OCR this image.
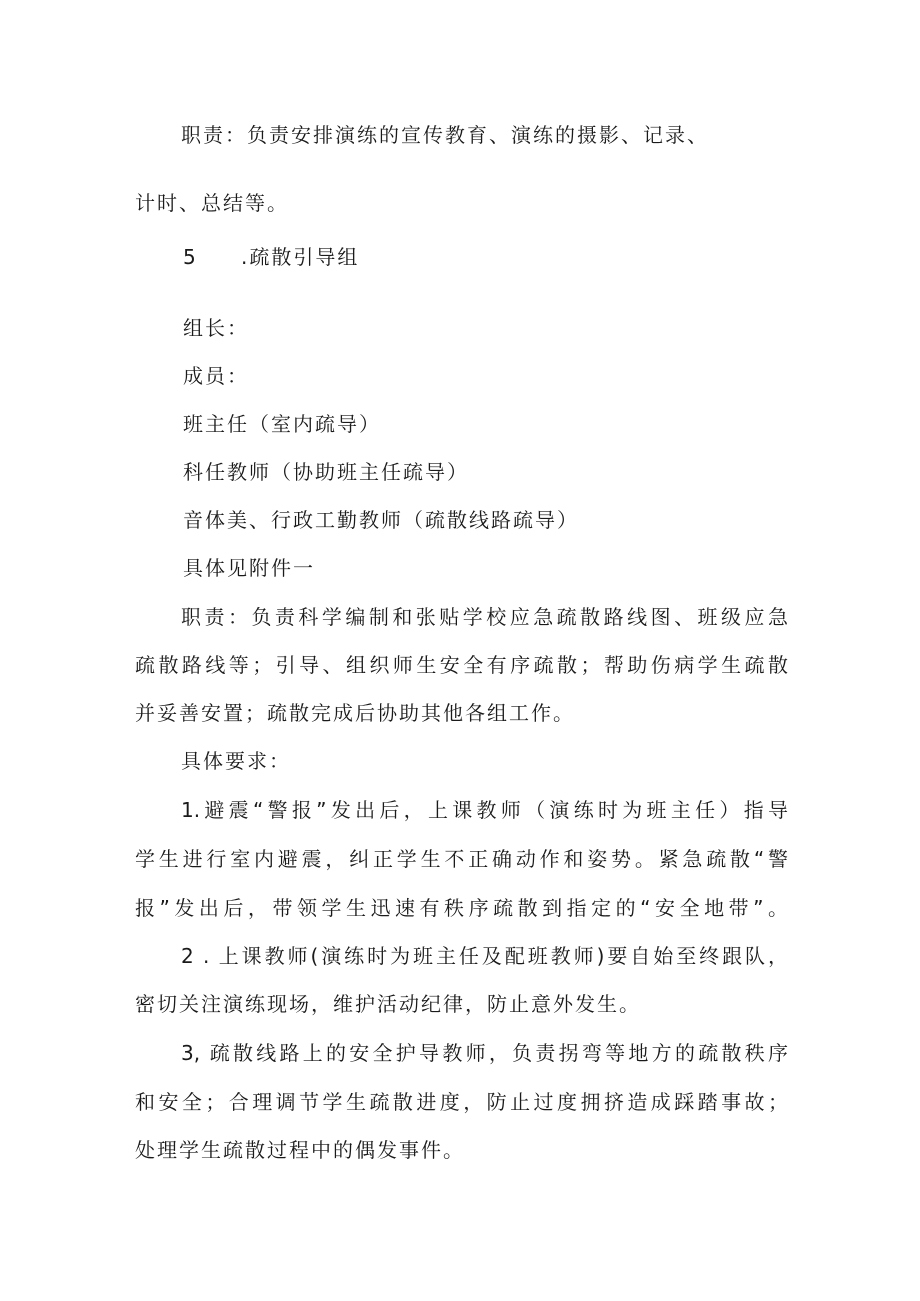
职责：负责安排演练的宣传教育、演练的摄影、记录、
计时、总结等。
5 .疏散引导组
组长：
成员：
班主任（室内疏导）
科任教师（协助班主任疏导）
音体美、行政工勤教师（疏散线路疏导）
具体见附件一
职责：负责科学编制和张贴学校应急疏散路线图、班级应急
疏散路线等；引导、组织师生安全有序疏散；帮助伤病学生疏散
并妥善安置；疏散完成后协助其他各组工作。
具体要求：
1.避震“警报”发出后，上课教师（演练时为班主任）指导
学生进行室内避震，纠正学生不正确动作和姿势。紧急疏散“警
报”发出后，带领学生迅速有秩序疏散到指定的“安全地带”。
2 . 上课教师(演练时为班主任及配班教师)要自始至终跟队，
密切关注演练现场，维护活动纪律，防止意外发生。
3, 疏散线路上的安全护导教师，负责拐弯等地方的疏散秩序
和安全；合理调节学生疏散进度，防止过度拥挤造成踩踏事故；
处理学生疏散过程中的偶发事件。
